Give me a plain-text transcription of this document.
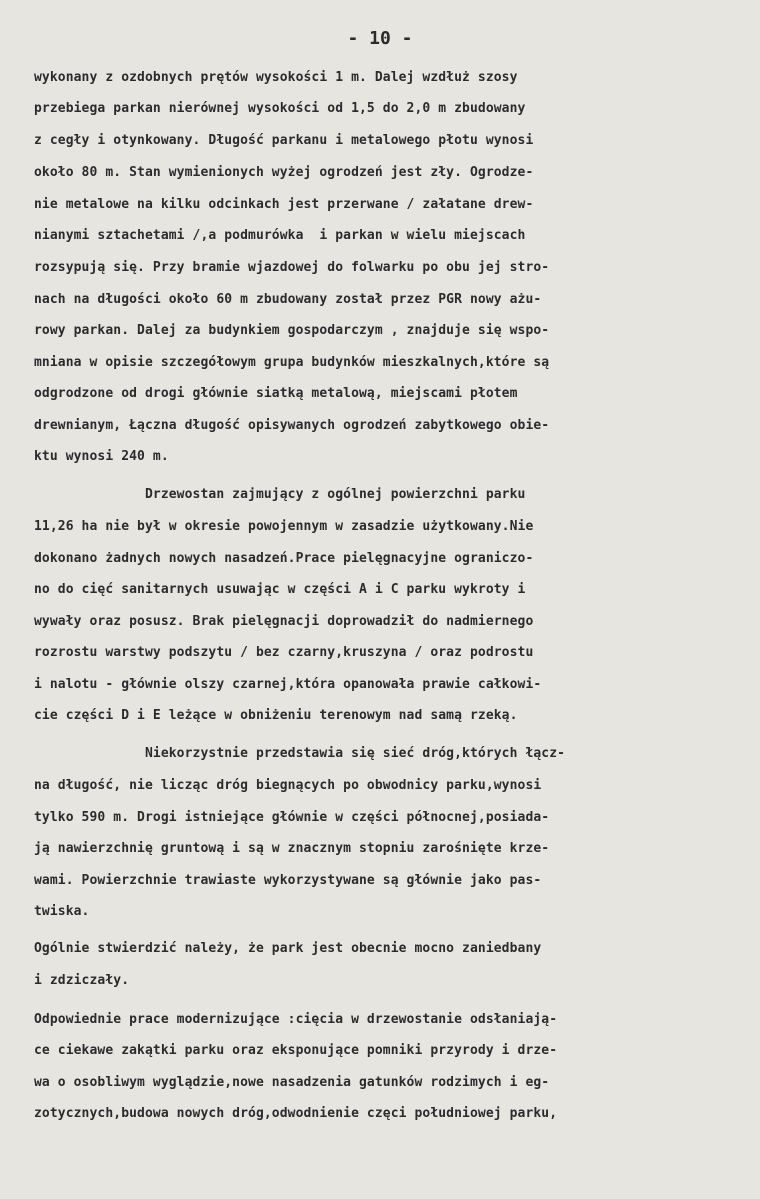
- 10 -
wykonany z ozdobnych prętów wysokości 1 m. Dalej wzdłuż szosy
przebiega parkan nierównej wysokości od 1,5 do 2,0 m zbudowany
z cegły i otynkowany. Długość parkanu i metalowego płotu wynosi
około 80 m. Stan wymienionych wyżej ogrodzeń jest zły. Ogrodze-
nie metalowe na kilku odcinkach jest przerwane / załatane drew-
nianymi sztachetami /,a podmurówka  i parkan w wielu miejscach
rozsypują się. Przy bramie wjazdowej do folwarku po obu jej stro-
nach na długości około 60 m zbudowany został przez PGR nowy ażu-
rowy parkan. Dalej za budynkiem gospodarczym , znajduje się wspo-
mniana w opisie szczegółowym grupa budynków mieszkalnych,które są
odgrodzone od drogi głównie siatką metalową, miejscami płotem
drewnianym, Łączna długość opisywanych ogrodzeń zabytkowego obie-
ktu wynosi 240 m.
Drzewostan zajmujący z ogólnej powierzchni parku
11,26 ha nie był w okresie powojennym w zasadzie użytkowany.Nie
dokonano żadnych nowych nasadzeń.Prace pielęgnacyjne ograniczo-
no do cięć sanitarnych usuwając w części A i C parku wykroty i
wywały oraz posusz. Brak pielęgnacji doprowadził do nadmiernego
rozrostu warstwy podszytu / bez czarny,kruszyna / oraz podrostu
i nalotu - głównie olszy czarnej,która opanowała prawie całkowi-
cie części D i E leżące w obniżeniu terenowym nad samą rzeką.
Niekorzystnie przedstawia się sieć dróg,których łącz-
na długość, nie licząc dróg biegnących po obwodnicy parku,wynosi
tylko 590 m. Drogi istniejące głównie w części północnej,posiada-
ją nawierzchnię gruntową i są w znacznym stopniu zarośnięte krze-
wami. Powierzchnie trawiaste wykorzystywane są głównie jako pas-
twiska.
Ogólnie stwierdzić należy, że park jest obecnie mocno zaniedbany
i zdziczały.
Odpowiednie prace modernizujące :cięcia w drzewostanie odsłaniają-
ce ciekawe zakątki parku oraz eksponujące pomniki przyrody i drze-
wa o osobliwym wyglądzie,nowe nasadzenia gatunków rodzimych i eg-
zotycznych,budowa nowych dróg,odwodnienie częci południowej parku,
